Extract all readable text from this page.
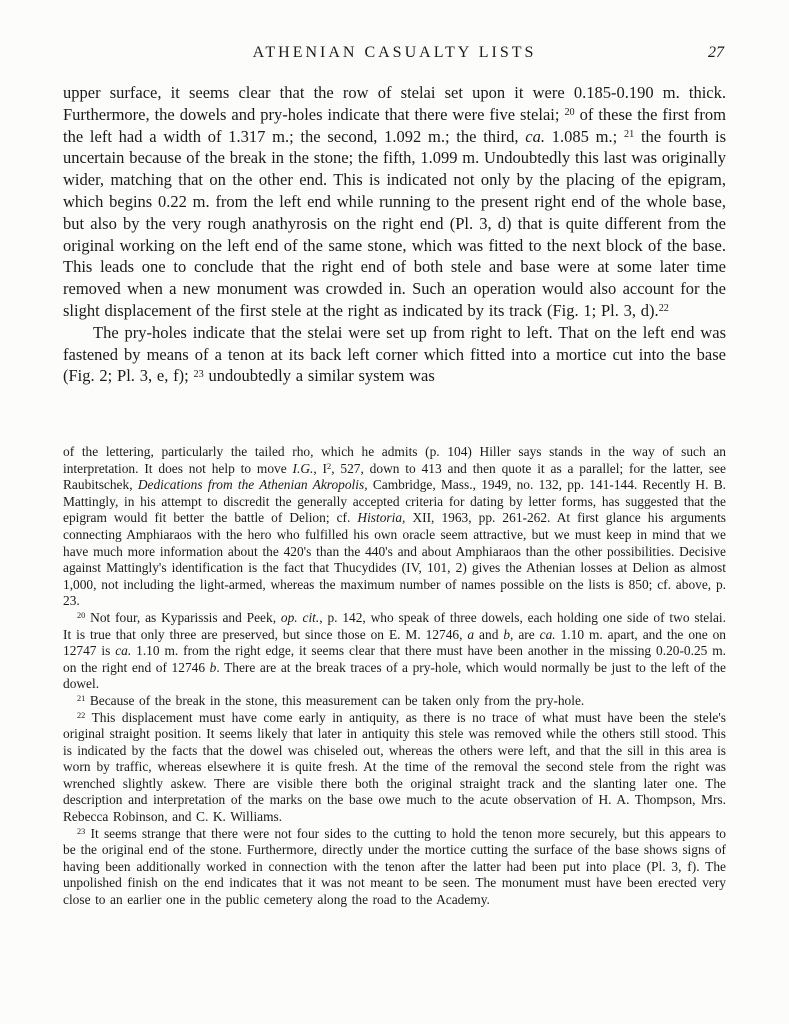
ATHENIAN CASUALTY LISTS	27

upper surface, it seems clear that the row of stelai set upon it were 0.185-0.190 m. thick. Furthermore, the dowels and pry-holes indicate that there were five stelai; $^{20}$ of these the first from the left had a width of 1.317 m.; the second, 1.092 m.; the third, ca. 1.085 m.; $^{21}$ the fourth is uncertain because of the break in the stone; the fifth, 1.099 m. Undoubtedly this last was originally wider, matching that on the other end. This is indicated not only by the placing of the epigram, which begins 0.22 m. from the left end while running to the present right end of the whole base, but also by the very rough anathyrosis on the right end (Pl. 3, d) that is quite different from the original working on the left end of the same stone, which was fitted to the next block of the base. This leads one to conclude that the right end of both stele and base were at some later time removed when a new monument was crowded in. Such an operation would also account for the slight displacement of the first stele at the right as indicated by its track (Fig. 1; Pl. 3, d).$^{22}$

The pry-holes indicate that the stelai were set up from right to left. That on the left end was fastened by means of a tenon at its back left corner which fitted into a mortice cut into the base (Fig. 2; Pl. 3, e, f); $^{23}$ undoubtedly a similar system was

of the lettering, particularly the tailed rho, which he admits (p. 104) Hiller says stands in the way of such an interpretation. It does not help to move I.G., $I^2$, 527, down to 413 and then quote it as a parallel; for the latter, see Raubitschek, Dedications from the Athenian Akropolis, Cambridge, Mass., 1949, no. 132, pp. 141-144. Recently H. B. Mattingly, in his attempt to discredit the generally accepted criteria for dating by letter forms, has suggested that the epigram would fit better the battle of Delion; cf. Historia, XII, 1963, pp. 261-262. At first glance his arguments connecting Amphiaraos with the hero who fulfilled his own oracle seem attractive, but we must keep in mind that we have much more information about the 420's than the 440's and about Amphiaraos than the other possibilities. Decisive against Mattingly's identification is the fact that Thucydides (IV, 101, 2) gives the Athenian losses at Delion as almost 1,000, not including the light-armed, whereas the maximum number of names possible on the lists is 850; cf. above, p. 23.

$^{20}$ Not four, as Kyparissis and Peek, op. cit., p. 142, who speak of three dowels, each holding one side of two stelai. It is true that only three are preserved, but since those on E. M. 12746, a and b, are ca. 1.10 m. apart, and the one on 12747 is ca. 1.10 m. from the right edge, it seems clear that there must have been another in the missing 0.20-0.25 m. on the right end of 12746 b. There are at the break traces of a pry-hole, which would normally be just to the left of the dowel.

$^{21}$ Because of the break in the stone, this measurement can be taken only from the pry-hole.

$^{22}$ This displacement must have come early in antiquity, as there is no trace of what must have been the stele's original straight position. It seems likely that later in antiquity this stele was removed while the others still stood. This is indicated by the facts that the dowel was chiseled out, whereas the others were left, and that the sill in this area is worn by traffic, whereas elsewhere it is quite fresh. At the time of the removal the second stele from the right was wrenched slightly askew. There are visible there both the original straight track and the slanting later one. The description and interpretation of the marks on the base owe much to the acute observation of H. A. Thompson, Mrs. Rebecca Robinson, and C. K. Williams.

$^{23}$ It seems strange that there were not four sides to the cutting to hold the tenon more securely, but this appears to be the original end of the stone. Furthermore, directly under the mortice cutting the surface of the base shows signs of having been additionally worked in connection with the tenon after the latter had been put into place (Pl. 3, f). The unpolished finish on the end indicates that it was not meant to be seen. The monument must have been erected very close to an earlier one in the public cemetery along the road to the Academy.
